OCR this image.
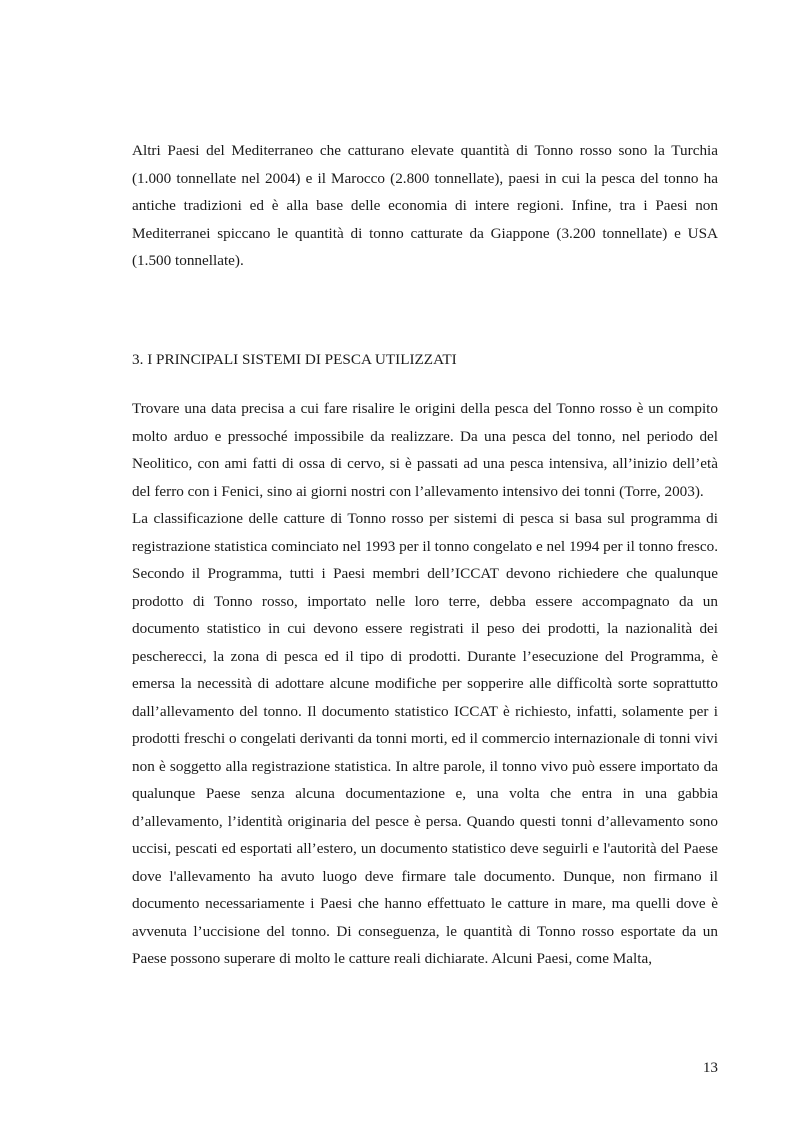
Altri Paesi del Mediterraneo che catturano elevate quantità di Tonno rosso sono la Turchia (1.000 tonnellate nel 2004) e il Marocco (2.800 tonnellate), paesi in cui la pesca del tonno ha antiche tradizioni ed è alla base delle economia di intere regioni. Infine, tra i Paesi non Mediterranei spiccano le quantità di tonno catturate da Giappone (3.200 tonnellate) e USA (1.500 tonnellate).

3. I PRINCIPALI SISTEMI DI PESCA UTILIZZATI

Trovare una data precisa a cui fare risalire le origini della pesca del Tonno rosso è un compito molto arduo e pressoché impossibile da realizzare. Da una pesca del tonno, nel periodo del Neolitico, con ami fatti di ossa di cervo, si è passati ad una pesca intensiva, all’inizio dell’età del ferro con i Fenici, sino ai giorni nostri con l’allevamento intensivo dei tonni (Torre, 2003).

La classificazione delle catture di Tonno rosso per sistemi di pesca si basa sul programma di registrazione statistica cominciato nel 1993 per il tonno congelato e nel 1994 per il tonno fresco. Secondo il Programma, tutti i Paesi membri dell’ICCAT devono richiedere che qualunque prodotto di Tonno rosso, importato nelle loro terre, debba essere accompagnato da un documento statistico in cui devono essere registrati il peso dei prodotti, la nazionalità dei pescherecci, la zona di pesca ed il tipo di prodotti. Durante l’esecuzione del Programma, è emersa la necessità di adottare alcune modifiche per sopperire alle difficoltà sorte soprattutto dall’allevamento del tonno. Il documento statistico ICCAT è richiesto, infatti, solamente per i prodotti freschi o congelati derivanti da tonni morti, ed il commercio internazionale di tonni vivi non è soggetto alla registrazione statistica. In altre parole, il tonno vivo può essere importato da qualunque Paese senza alcuna documentazione e, una volta che entra in una gabbia d’allevamento, l’identità originaria del pesce è persa. Quando questi tonni d’allevamento sono uccisi, pescati ed esportati all’estero, un documento statistico deve seguirli e l'autorità del Paese dove l'allevamento ha avuto luogo deve firmare tale documento. Dunque, non firmano il documento necessariamente i Paesi che hanno effettuato le catture in mare, ma quelli dove è avvenuta l’uccisione del tonno. Di conseguenza, le quantità di Tonno rosso esportate da un Paese possono superare di molto le catture reali dichiarate. Alcuni Paesi, come Malta,

13
